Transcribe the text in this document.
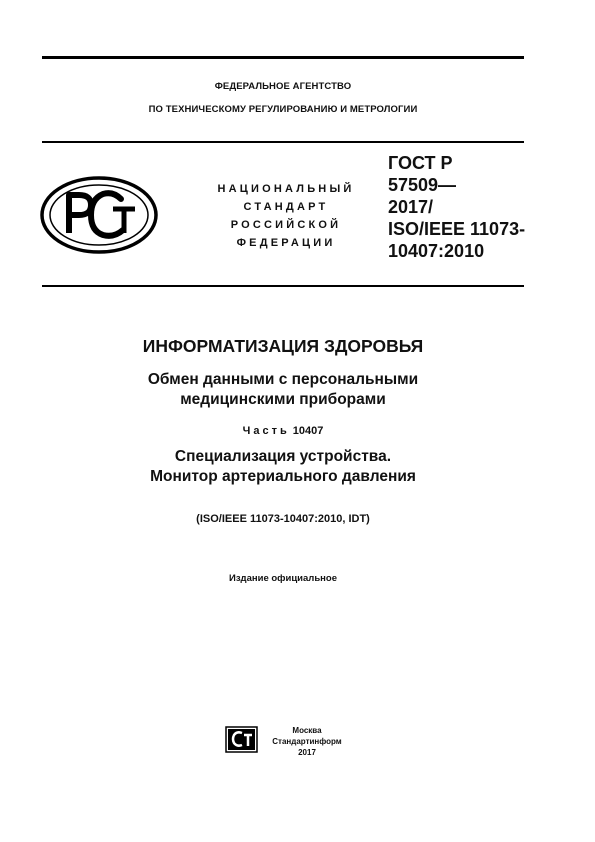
ФЕДЕРАЛЬНОЕ АГЕНТСТВО
ПО ТЕХНИЧЕСКОМУ РЕГУЛИРОВАНИЮ И МЕТРОЛОГИИ
НАЦИОНАЛЬНЫЙ
СТАНДАРТ
РОССИЙСКОЙ
ФЕДЕРАЦИИ
ГОСТ Р
57509—
2017/
ISO/IEEE 11073-
10407:2010
ИНФОРМАТИЗАЦИЯ ЗДОРОВЬЯ
Обмен данными с персональными
медицинскими приборами
Часть 10407
Специализация устройства.
Монитор артериального давления
(ISO/IEEE 11073-10407:2010, IDT)
Издание официальное
Москва
Стандартинформ
2017
